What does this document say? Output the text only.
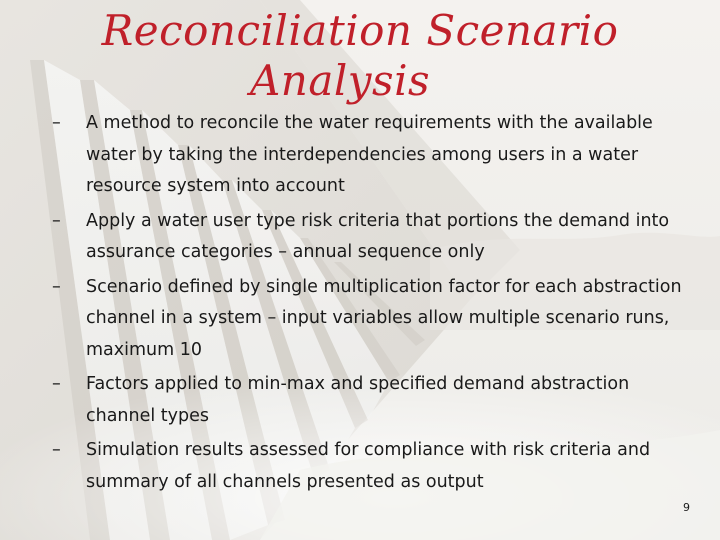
Reconciliation Scenario
Analysis
–	A method to reconcile the water requirements with the available water by taking the interdependencies among users in a water resource system into account
–	Apply a water user type risk criteria that portions the demand into assurance categories – annual sequence only
–	Scenario defined by single multiplication factor for each abstraction channel in a system – input variables allow multiple scenario runs, maximum 10
–	Factors applied to min-max and specified demand abstraction channel types
–	Simulation results assessed for compliance with risk criteria and summary of all channels presented as output
9
